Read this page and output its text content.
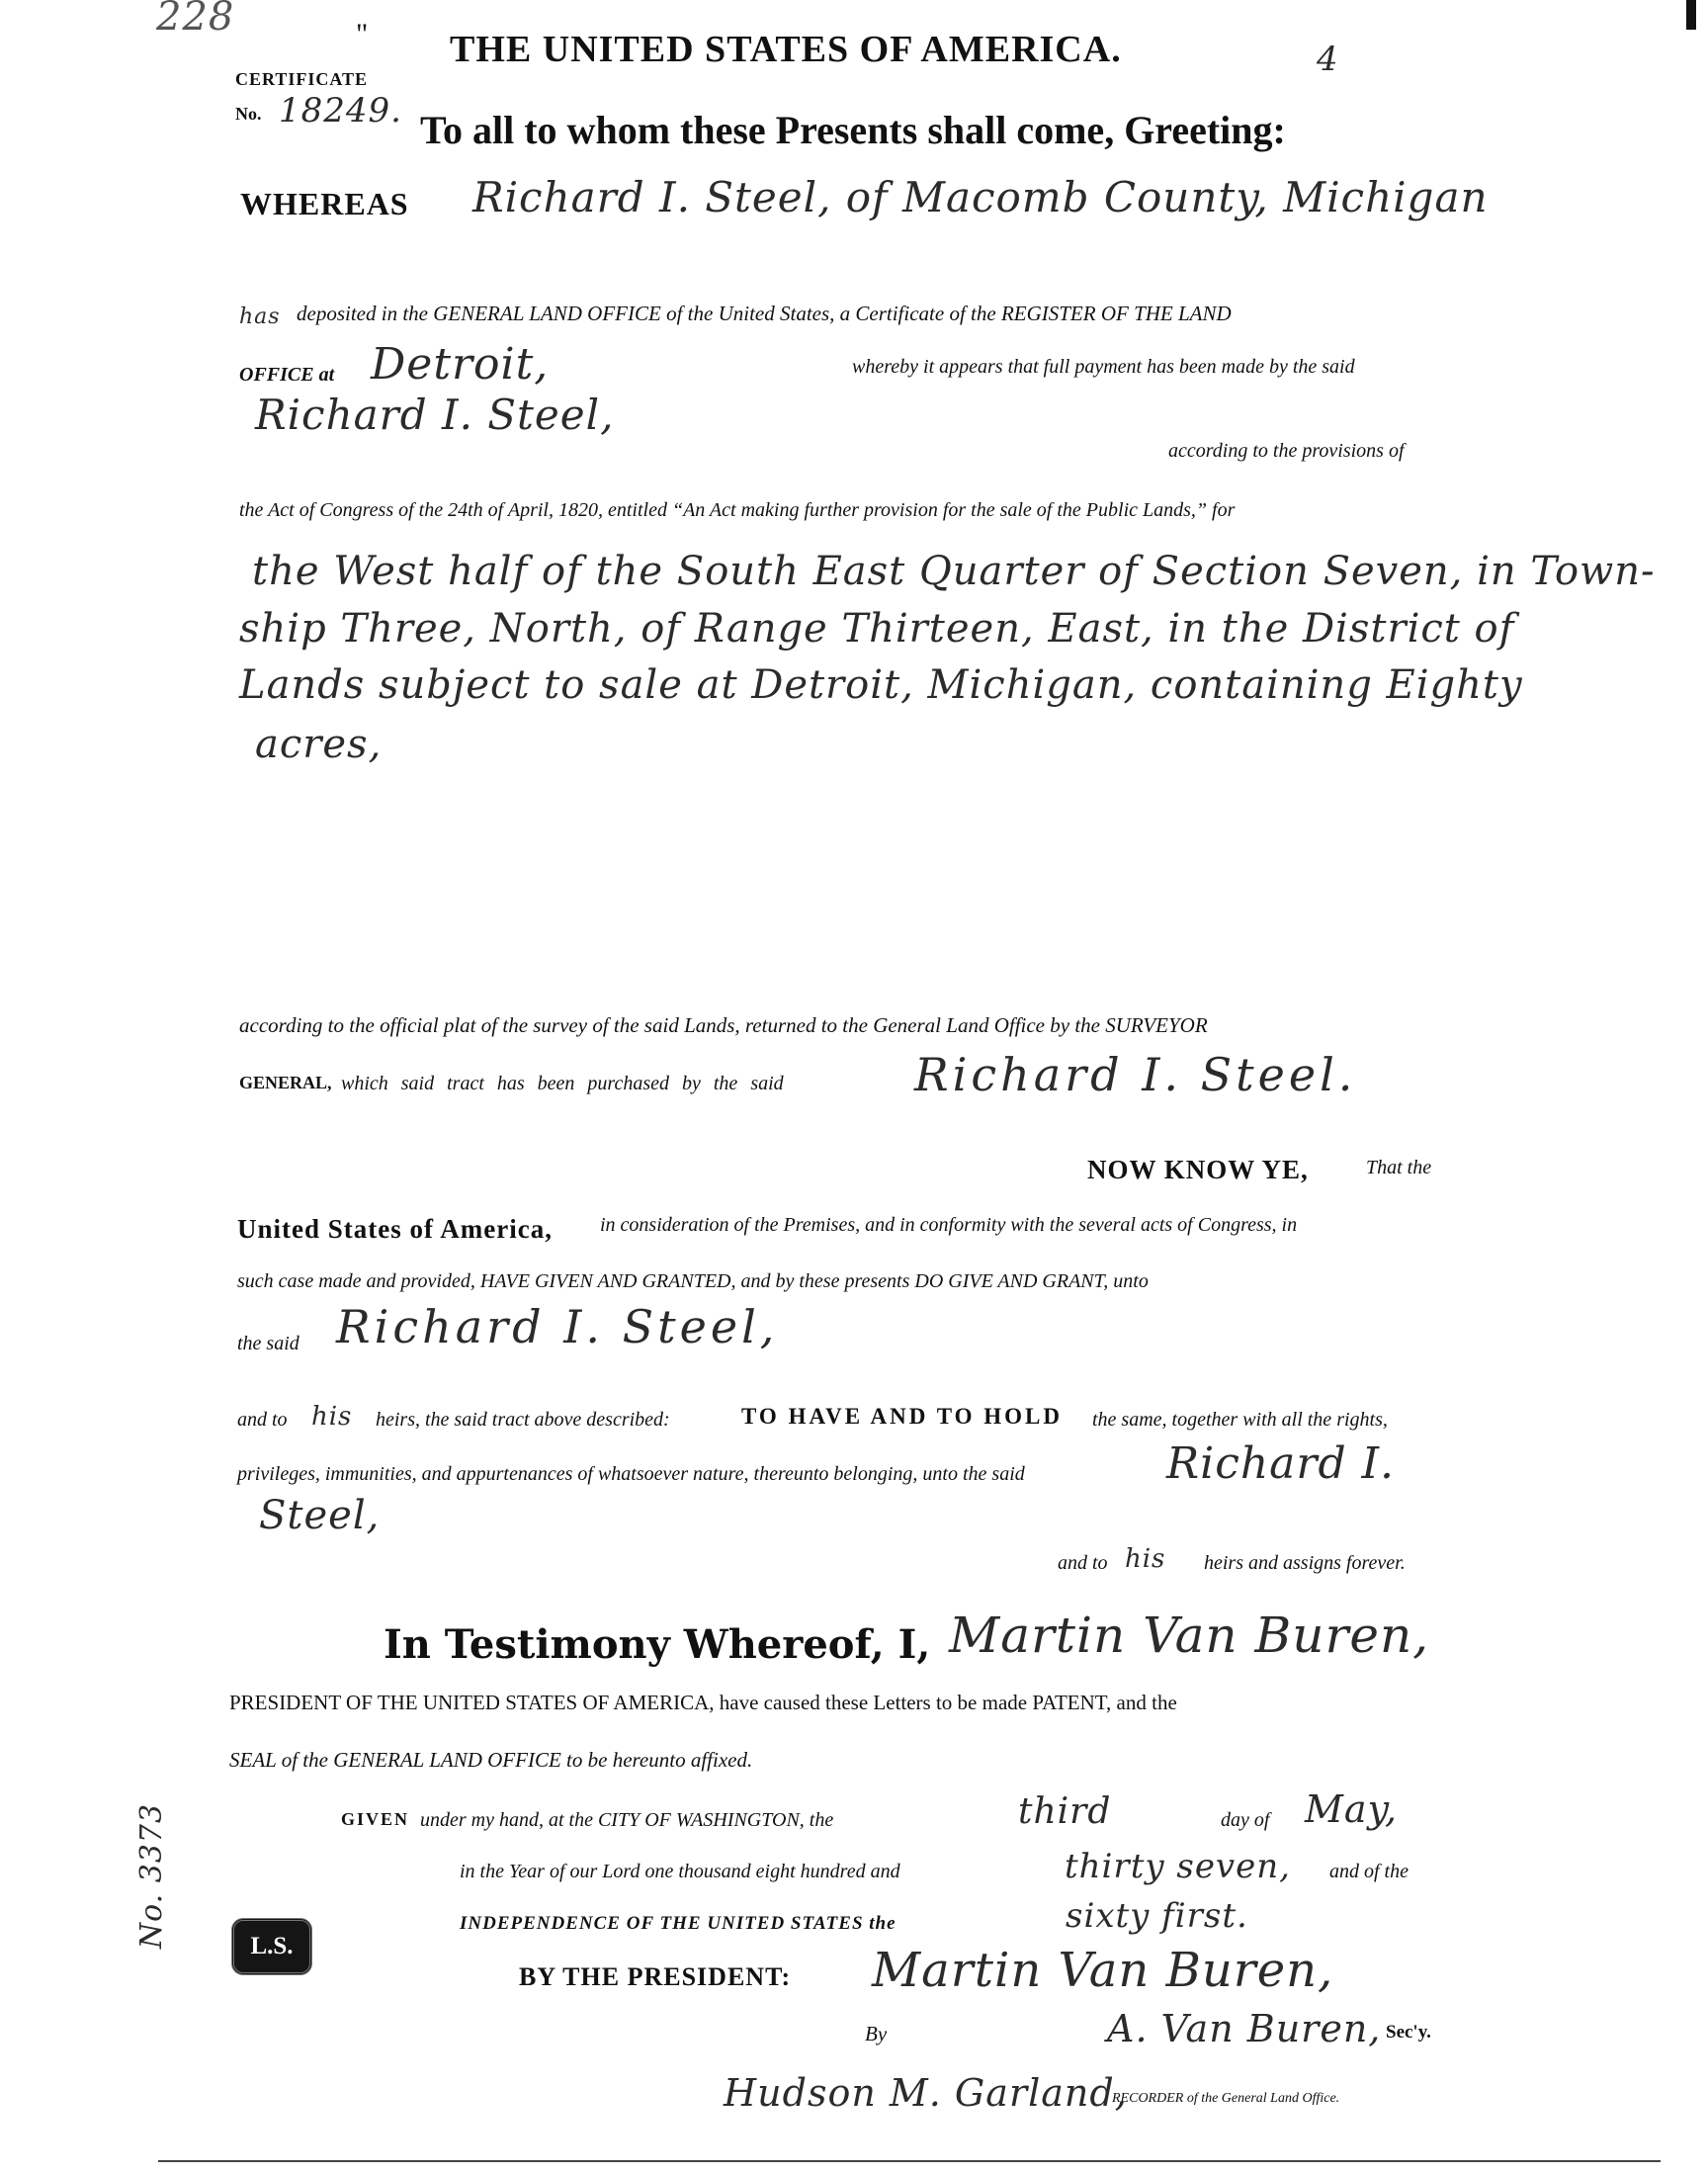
228	"
4
THE UNITED STATES OF AMERICA.
CERTIFICATE
No. 18249. To all to whom these Presents shall come, Greeting:
WHEREAS Richard I. Steel, of Macomb County, Michigan
has deposited in the GENERAL LAND OFFICE of the United States, a Certificate of the REGISTER OF THE LAND
OFFICE at Detroit,	whereby it appears that full payment has been made by the said
Richard I. Steel,
according to the provisions of
the Act of Congress of the 24th of April, 1820, entitled “An Act making further provision for the sale of the Public Lands,” for
the West half of the South East Quarter of Section Seven, in Town-
ship Three, North, of Range Thirteen, East, in the District of
Lands subject to sale at Detroit, Michigan, containing Eighty
acres,
according to the official plat of the survey of the said Lands, returned to the General Land Office by the SURVEYOR
GENERAL, which said tract has been purchased by the said	Richard I. Steel.
NOW KNOW YE,	That the
United States of America, in consideration of the Premises, and in conformity with the several acts of Congress, in
such case made and provided, HAVE GIVEN AND GRANTED, and by these presents DO GIVE AND GRANT, unto
the said Richard I. Steel,
and to his heirs, the said tract above described:	TO HAVE AND TO HOLD the same, together with all the rights,
privileges, immunities, and appurtenances of whatsoever nature, thereunto belonging, unto the said	Richard I.
Steel,
and to his heirs and assigns forever.
In Testimony Whereof, I, Martin Van Buren,
PRESIDENT OF THE UNITED STATES OF AMERICA, have caused these Letters to be made PATENT, and the
SEAL of the GENERAL LAND OFFICE to be hereunto affixed.
GIVEN under my hand, at the CITY OF WASHINGTON, the	third	day of May,
in the Year of our Lord one thousand eight hundred and	thirty seven, and of the
INDEPENDENCE OF THE UNITED STATES the	sixty first.
L.S.
No. 3373
BY THE PRESIDENT: Martin Van Buren,
By	A. Van Buren, Sec'y.
Hudson M. Garland,
RECORDER of the General Land Office.
